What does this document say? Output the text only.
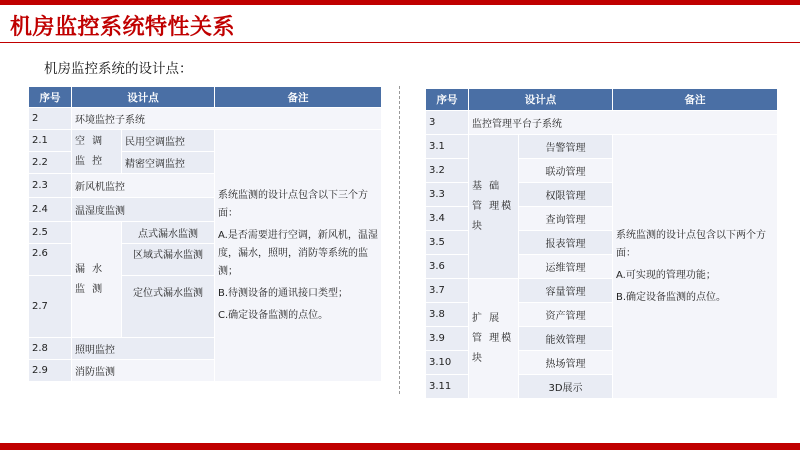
机房监控系统特性关系
机房监控系统的设计点：
序号	设计点		备注
2	环境监控子系统		
2.1	空 调 监 控	民用空调监控	系统监测的设计点包含以下三个方面：
A.是否需要进行空调，新风机，温湿度，漏水，照明，消防等系统的监测；
B.待测设备的通讯接口类型；
C.确定设备监测的点位。

2.2		精密空调监控	
2.3	新风机监控		
2.4	温湿度监测		
2.5	漏 水 监 测	点式漏水监测	
2.6		区域式漏水监测	
2.7		定位式漏水监测	
2.8	照明监控		
2.9	消防监测		
序号	设计点		备注
3	监控管理平台子系统		
3.1	基 础 管 理模块	告警管理	系统监测的设计点包含以下两个方面：
A.可实现的管理功能；
B.确定设备监测的点位。

3.2		联动管理	
3.3		权限管理	
3.4		查询管理	
3.5		报表管理	
3.6		运维管理	
3.7	扩 展 管 理模块	容量管理	
3.8		资产管理	
3.9		能效管理	
3.10		热场管理	
3.11		3D展示	
